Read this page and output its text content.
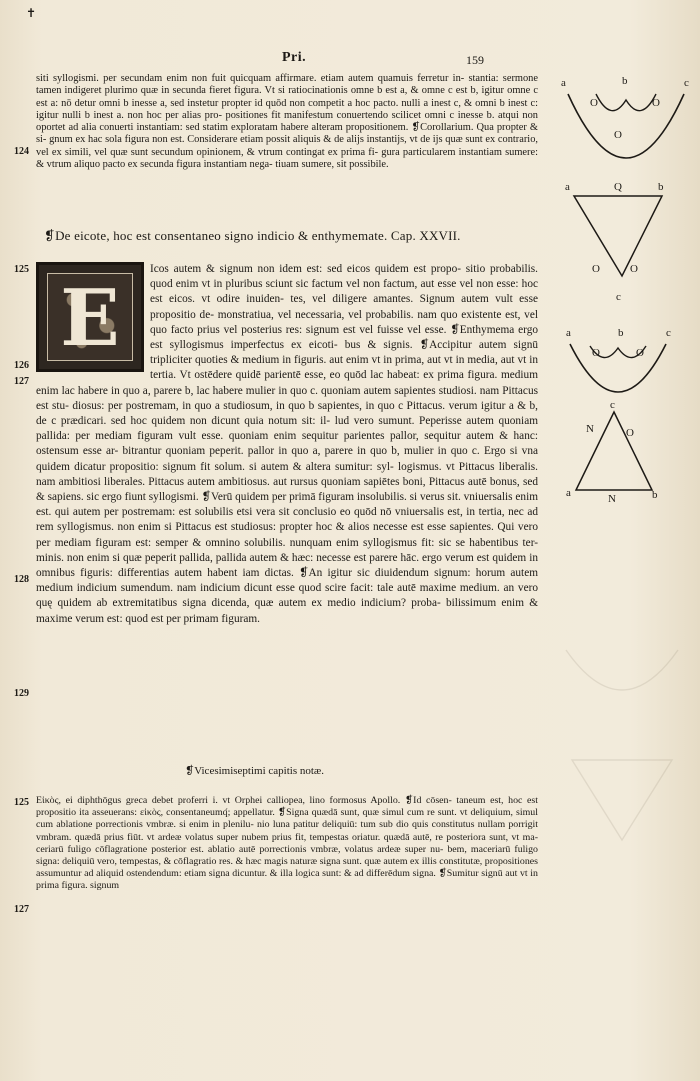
✝
Pri.	159
124
125
126
127
128
129
125
127

siti syllogismi. per secundam enim non fuit quicquam affirmare. etiam autem quamuis ferretur in- stantia: sermone tamen indigeret plurimo quæ in secunda fieret figura. Vt si ratiocinationis omne b est a, & omne c est b, igitur omne c est a: nō detur omni b inesse a, sed instetur propter id quōd non competit a hoc pacto. nulli a inest c, & omni b inest c: igitur nulli b inest a. non hoc per alias pro- positiones fit manifestum conuertendo scilicet omni c inesse b. atqui non oportet ad alia conuerti instantiam: sed statim exploratam habere alteram propositionem. ❡Corollarium. Qua propter & si- gnum ex hac sola figura non est. Considerare etiam possit aliquis & de alijs instantijs, vt de ijs quæ sunt ex contrario, vel ex simili, vel quæ sunt secundum opinionem, & vtrum contingat ex prima fi- gura particularem instantiam sumere: & vtrum aliquo pacto ex secunda figura instantiam nega- tiuam sumere, sit possibile.

❡De eicote, hoc est consentaneo signo indicio & enthymemate. Cap. XXVII.
E

Icos autem & signum non idem est: sed eicos quidem est propo- sitio probabilis. quod enim vt in pluribus sciunt sic factum vel non factum, aut esse vel non esse: hoc est eicos. vt odire inuiden- tes, vel diligere amantes. Signum autem vult esse propositio de- monstratiua, vel necessaria, vel probabilis. nam quo existente est, vel quo facto prius vel posterius res: signum est vel fuisse vel esse. ❡Enthymema ergo est syllogismus imperfectus ex eicoti- bus & signis. ❡Accipitur autem signū tripliciter quoties & medium in figuris. aut enim vt in prima, aut vt in media, aut vt in tertia. Vt ostēdere quidē parientē esse, eo quōd lac habeat: ex prima figura. medium enim lac habere in quo a, parere b, lac habere mulier in quo c. quoniam autem sapientes studiosi. nam Pittacus est stu- diosus: per postremam, in quo a studiosum, in quo b sapientes, in quo c Pittacus. verum igitur a & b, de c prædicari. sed hoc quidem non dicunt quia notum sit: il- lud vero sumunt. Peperisse autem quoniam pallida: per mediam figuram vult esse. quoniam enim sequitur parientes pallor, sequitur autem & hanc: ostensum esse ar- bitrantur quoniam peperit. pallor in quo a, parere in quo b, mulier in quo c. Ergo si vna quidem dicatur propositio: signum fit solum. si autem & altera sumitur: syl- logismus. vt Pittacus liberalis. nam ambitiosi liberales. Pittacus autem ambitiosus. aut rursus quoniam sapiētes boni, Pittacus autē bonus, sed & sapiens. sic ergo fiunt syllogismi. ❡Verū quidem per primā figuram insolubilis. si verus sit. vniuersalis enim est. qui autem per postremam: est solubilis etsi vera sit conclusio eo quōd nō vniuersalis est, in tertia, nec ad rem syllogismus. non enim si Pittacus est studiosus: propter hoc & alios necesse est esse sapientes. Qui vero per mediam figuram est: semper & omnino solubilis. nunquam enim syllogismus fit: sic se habentibus ter- minis. non enim si quæ peperit pallida, pallida autem & hæc: necesse est parere hāc. ergo verum est quidem in omnibus figuris: differentias autem habent iam dictas. ❡An igitur sic diuidendum signum: horum autem medium indicium sumendum. nam indicium dicunt esse quod scire facit: tale autē maxime medium. an vero quę quidem ab extremitatibus signa dicenda, quæ autem ex medio indicium? proba- bilissimum enim & maxime verum est: quod est per primam figuram.

❡Vicesimiseptimi capitis notæ.

Εἰκὸς, ei diphthōgus greca debet proferri i. vt Orphei calliopea, lino formosus Apollo. ❡Id cōsen- taneum est, hoc est propositio ita asseuerans: εἰκὸς, consentaneumq́; appellatur. ❡Signa quædā sunt, quæ simul cum re sunt. vt deliquium, simul cum ablatione porrectionis vmbræ. si enim in plenilu- nio luna patitur deliquiū: tum sub dio quis constitutus nullam porrigit vmbram. quædā prius fiūt. vt ardeæ volatus super nubem prius fit, tempestas oriatur. quædā autē, re posteriora sunt, vt ma- ceriarū fuligo cōflagratione posterior est. ablatio autē porrectionis vmbræ, volatus ardeæ super nu- bem, maceriarū fuligo signa: deliquiū vero, tempestas, & cōflagratio res. & hæc magis naturæ signa sunt. quæ autem ex illis constitutæ, propositiones assumuntur ad aliquid ostendendum: etiam signa dicuntur. & illa logica sunt: & ad differēdum signa. ❡Sumitur signū aut vt in prima figura. signum

a	b	c
O	O
O
a	Q	b
O	O
c
a	b	c
O	O
c
N	O
a	N	b
